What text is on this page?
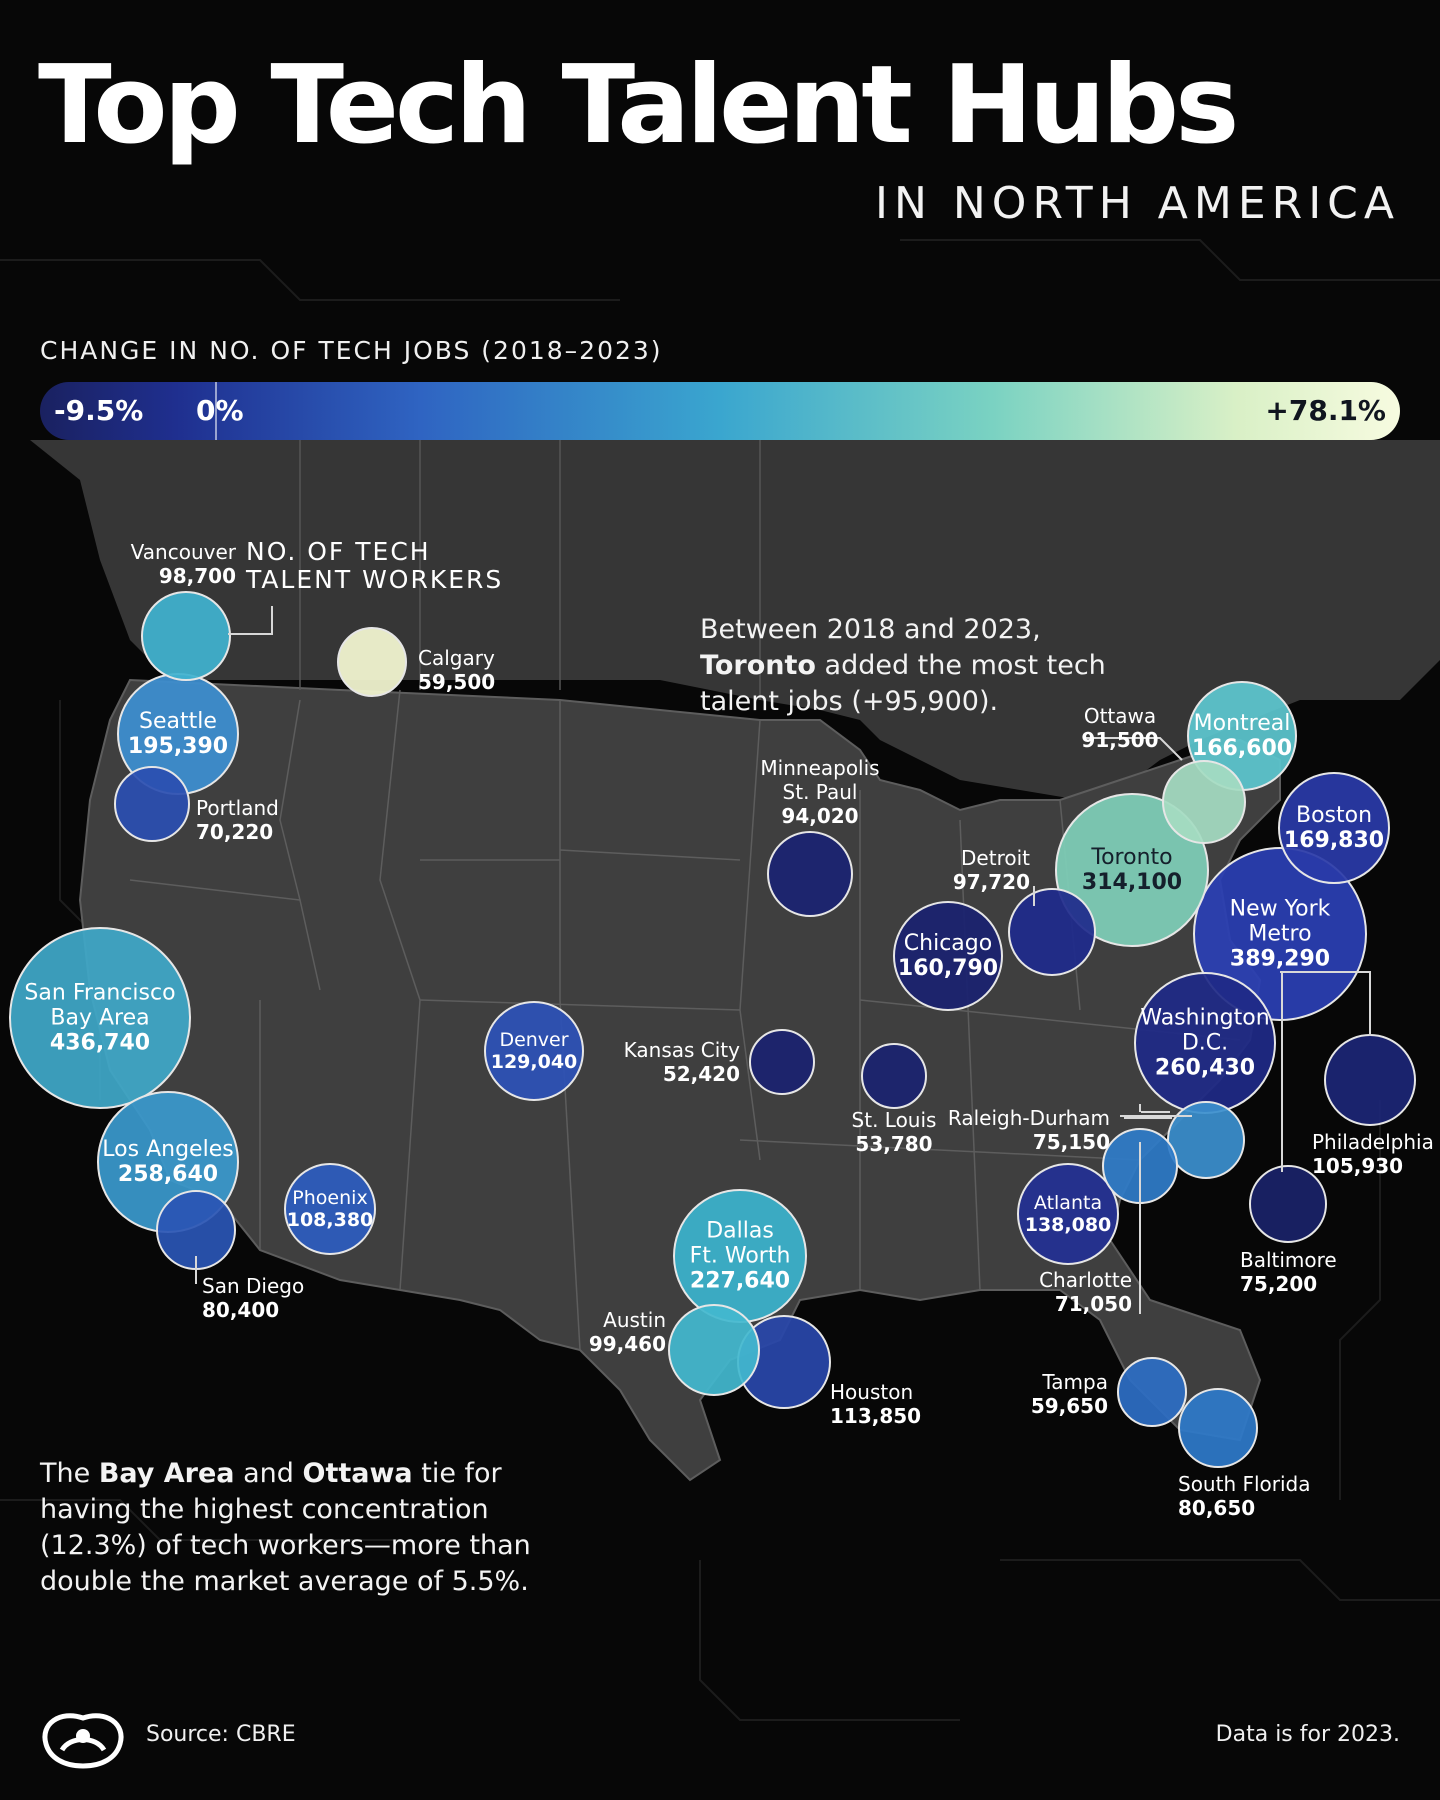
Top Tech Talent Hubs
IN NORTH AMERICA
CHANGE IN NO. OF TECH JOBS (2018–2023)
-9.5% 0%	+78.1%
NO. OF TECH
TALENT WORKERS
Between 2018 and 2023,
Toronto added the most tech talent jobs (+95,900).
San Francisco
Bay Area
436,740
New York
Metro
389,290
Toronto
314,100
Washington
D.C.
260,430
Los Angeles
258,640
Dallas
Ft. Worth
227,640
Seattle
195,390
Boston
169,830
Montreal
166,600
Chicago
160,790
Atlanta
138,080
Denver
129,040
Houston
113,850
Phoenix
108,380
Philadelphia
105,930
Austin
99,460
Vancouver
98,700
Detroit
97,720
Minneapolis
St. Paul
94,020
Ottawa
91,500
South Florida
80,650
San Diego
80,400
Baltimore
75,200
Raleigh-Durham
75,150
Charlotte
71,050
Portland
70,220
Tampa
59,650
Calgary
59,500
St. Louis
53,780
Kansas City
52,420
The Bay Area and Ottawa tie for having the highest concentration (12.3%) of tech workers—more than double the market average of 5.5%.
Source: CBRE	Data is for 2023.
